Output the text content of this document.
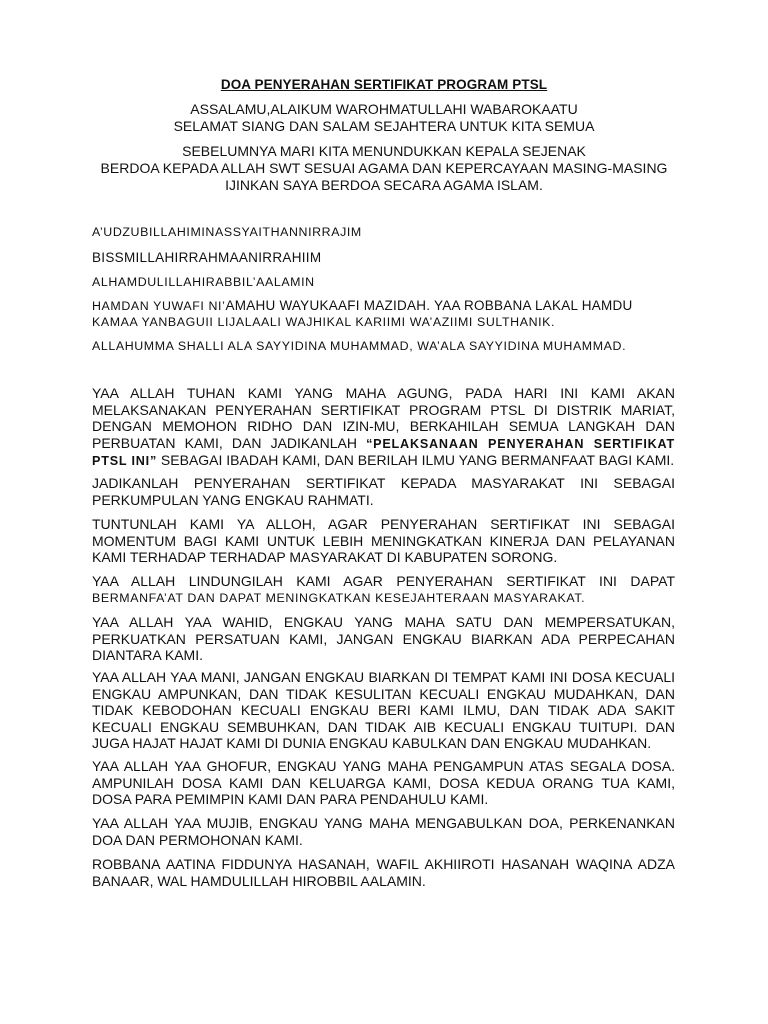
DOA PENYERAHAN SERTIFIKAT PROGRAM PTSL
ASSALAMU,ALAIKUM WAROHMATULLAHI WABAROKAATU
SELAMAT SIANG DAN SALAM SEJAHTERA UNTUK KITA SEMUA
SEBELUMNYA MARI KITA MENUNDUKKAN KEPALA SEJENAK
BERDOA KEPADA ALLAH SWT SESUAI AGAMA DAN KEPERCAYAAN MASING-MASING
IJINKAN SAYA BERDOA SECARA AGAMA ISLAM.
A’UDZUBILLAHIMINASSYAITHANNIRRAJIM
BISSMILLAHIRRAHMAANIRRAHIIM
ALHAMDULILLAHIRABBIL’AALAMIN
HAMDAN YUWAFI NI’AMAHU WAYUKAAFI MAZIDAH. YAA ROBBANA LAKAL HAMDU
KAMAA YANBAGUII LIJALAALI WAJHIKAL KARIIMI WA’AZIIMI SULTHANIK.
ALLAHUMMA SHALLI ALA SAYYIDINA MUHAMMAD, WA’ALA SAYYIDINA MUHAMMAD.
YAA ALLAH TUHAN KAMI YANG MAHA AGUNG, PADA HARI INI KAMI AKAN
MELAKSANAKAN PENYERAHAN SERTIFIKAT PROGRAM PTSL DI DISTRIK MARIAT,
DENGAN MEMOHON RIDHO DAN IZIN-MU, BERKAHILAH SEMUA LANGKAH DAN
PERBUATAN KAMI, DAN JADIKANLAH “PELAKSANAAN PENYERAHAN SERTIFIKAT
PTSL INI” SEBAGAI IBADAH KAMI, DAN BERILAH ILMU YANG BERMANFAAT BAGI KAMI.
JADIKANLAH PENYERAHAN SERTIFIKAT KEPADA MASYARAKAT INI SEBAGAI
PERKUMPULAN YANG ENGKAU RAHMATI.
TUNTUNLAH KAMI YA ALLOH, AGAR PENYERAHAN SERTIFIKAT INI SEBAGAI
MOMENTUM BAGI KAMI UNTUK LEBIH MENINGKATKAN KINERJA DAN PELAYANAN
KAMI TERHADAP TERHADAP MASYARAKAT DI KABUPATEN SORONG.
YAA ALLAH LINDUNGILAH KAMI AGAR PENYERAHAN SERTIFIKAT INI DAPAT
BERMANFA’AT DAN DAPAT MENINGKATKAN KESEJAHTERAAN MASYARAKAT.
YAA ALLAH YAA WAHID, ENGKAU YANG MAHA SATU DAN MEMPERSATUKAN,
PERKUATKAN PERSATUAN KAMI, JANGAN ENGKAU BIARKAN ADA PERPECAHAN
DIANTARA KAMI.
YAA ALLAH YAA MANI, JANGAN ENGKAU BIARKAN DI TEMPAT KAMI INI DOSA KECUALI
ENGKAU AMPUNKAN, DAN TIDAK KESULITAN KECUALI ENGKAU MUDAHKAN, DAN
TIDAK KEBODOHAN KECUALI ENGKAU BERI KAMI ILMU, DAN TIDAK ADA SAKIT
KECUALI ENGKAU SEMBUHKAN, DAN TIDAK AIB KECUALI ENGKAU TUITUPI. DAN
JUGA HAJAT HAJAT KAMI DI DUNIA ENGKAU KABULKAN DAN ENGKAU MUDAHKAN.
YAA ALLAH YAA GHOFUR, ENGKAU YANG MAHA PENGAMPUN ATAS SEGALA DOSA.
AMPUNILAH DOSA KAMI DAN KELUARGA KAMI, DOSA KEDUA ORANG TUA KAMI,
DOSA PARA PEMIMPIN KAMI DAN PARA PENDAHULU KAMI.
YAA ALLAH YAA MUJIB, ENGKAU YANG MAHA MENGABULKAN DOA, PERKENANKAN
DOA DAN PERMOHONAN KAMI.
ROBBANA AATINA FIDDUNYA HASANAH, WAFIL AKHIIROTI HASANAH WAQINA ADZA
BANAAR, WAL HAMDULILLAH HIROBBIL AALAMIN.
